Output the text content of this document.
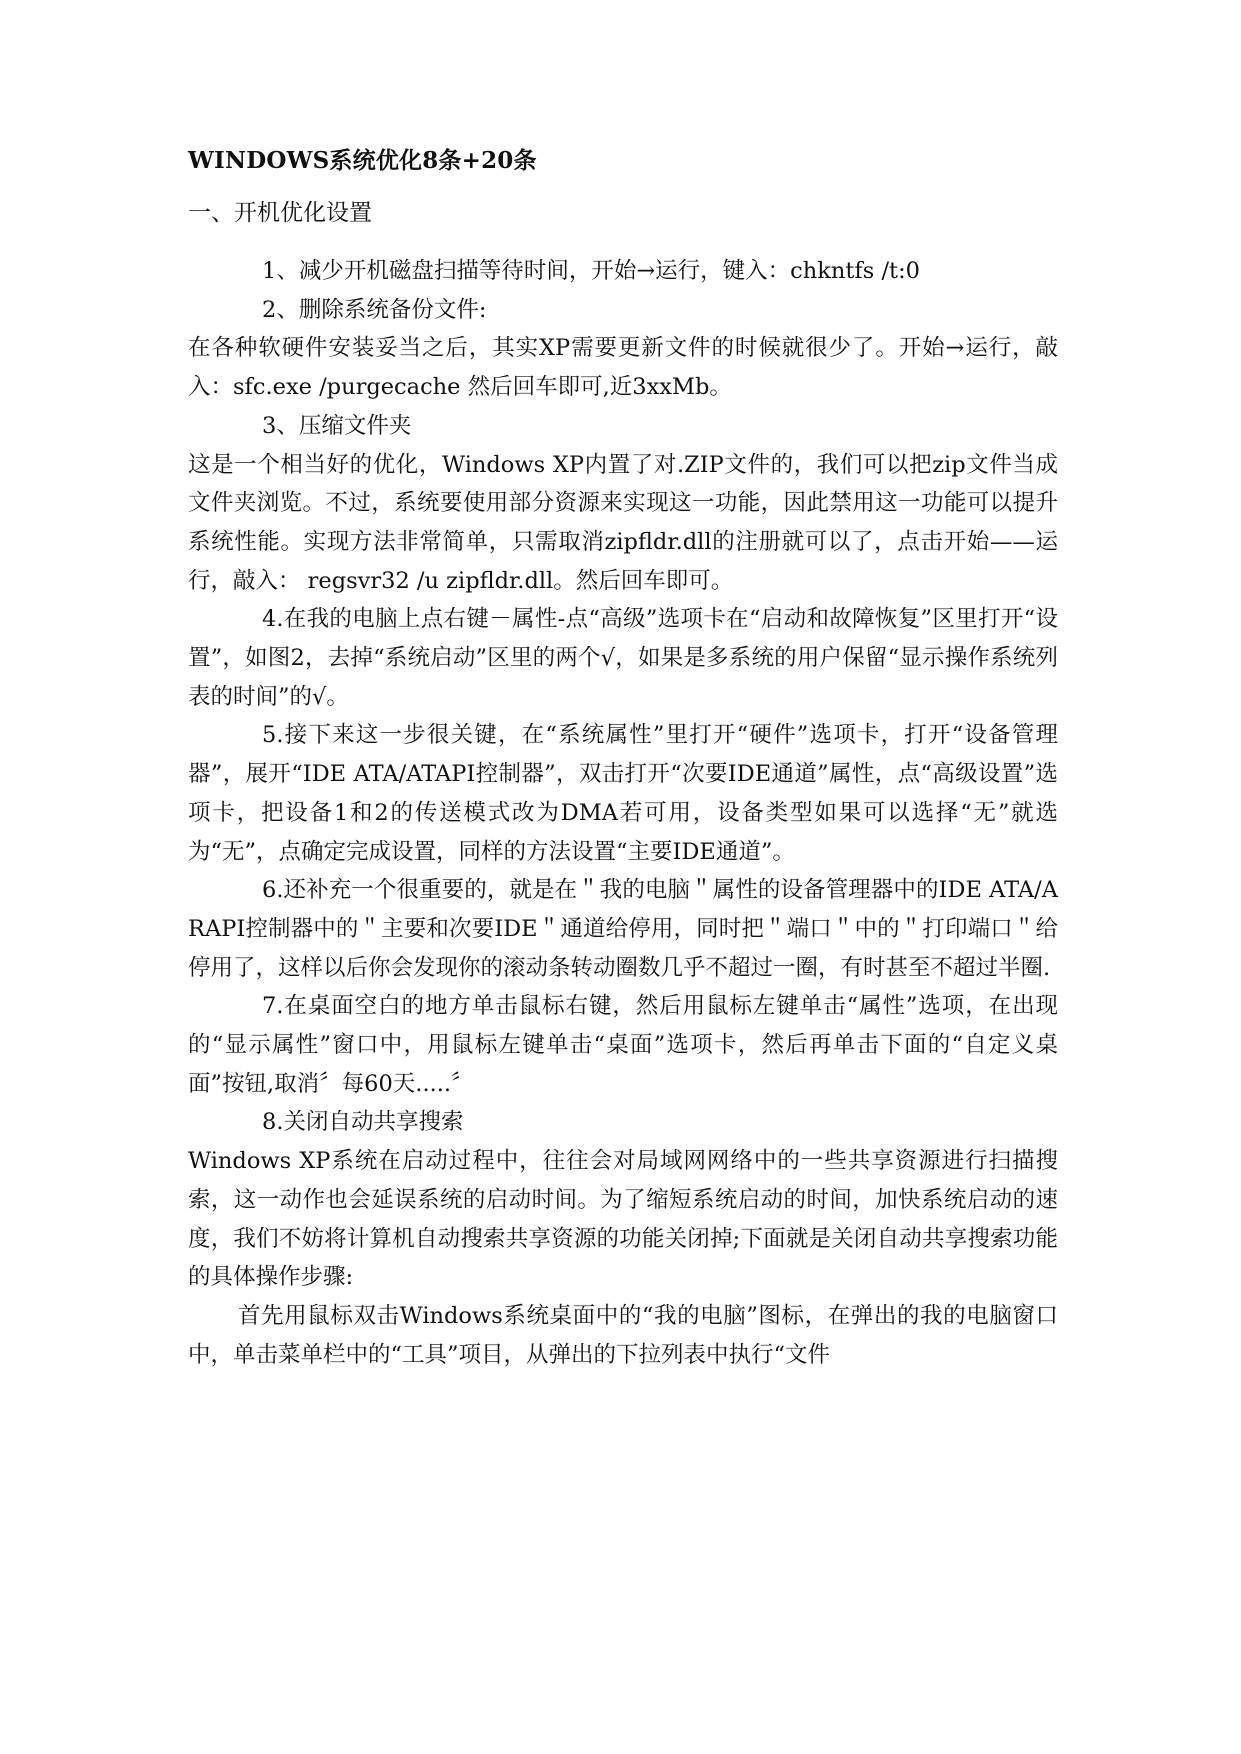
WINDOWS系统优化8条+20条
一、开机优化设置

1、减少开机磁盘扫描等待时间，开始→运行，键入：chkntfs /t:0

2、删除系统备份文件:

在各种软硬件安装妥当之后，其实XP需要更新文件的时候就很少了。开始→运行，敲入：sfc.exe /purgecache 然后回车即可,近3xxMb。

3、压缩文件夹

这是一个相当好的优化，Windows XP内置了对.ZIP文件的，我们可以把zip文件当成文件夹浏览。不过，系统要使用部分资源来实现这一功能，因此禁用这一功能可以提升系统性能。实现方法非常简单，只需取消zipfldr.dll的注册就可以了，点击开始——运行，敲入： regsvr32 /u zipfldr.dll。然后回车即可。

4.在我的电脑上点右键－属性-点“高级”选项卡在“启动和故障恢复”区里打开“设置”，如图2，去掉“系统启动”区里的两个√，如果是多系统的用户保留“显示操作系统列表的时间”的√。

5.接下来这一步很关键，在“系统属性”里打开“硬件”选项卡，打开“设备管理器”，展开“IDE ATA/ATAPI控制器”，双击打开“次要IDE通道”属性，点“高级设置”选项卡，把设备1和2的传送模式改为DMA若可用，设备类型如果可以选择“无”就选为“无”，点确定完成设置，同样的方法设置“主要IDE通道”。

6.还补充一个很重要的，就是在＂我的电脑＂属性的设备管理器中的IDE ATA/ARAPI控制器中的＂主要和次要IDE＂通道给停用，同时把＂端口＂中的＂打印端口＂给停用了，这样以后你会发现你的滚动条转动圈数几乎不超过一圈，有时甚至不超过半圈.

7.在桌面空白的地方单击鼠标右键，然后用鼠标左键单击“属性”选项，在出现的“显示属性”窗口中，用鼠标左键单击“桌面”选项卡，然后再单击下面的“自定义桌面”按钮,取消〞每60天.....〞

8.关闭自动共享搜索

Windows XP系统在启动过程中，往往会对局域网网络中的一些共享资源进行扫描搜索，这一动作也会延误系统的启动时间。为了缩短系统启动的时间，加快系统启动的速度，我们不妨将计算机自动搜索共享资源的功能关闭掉;下面就是关闭自动共享搜索功能的具体操作步骤:

首先用鼠标双击Windows系统桌面中的“我的电脑”图标，在弹出的我的电脑窗口中，单击菜单栏中的“工具”项目，从弹出的下拉列表中执行“文件
